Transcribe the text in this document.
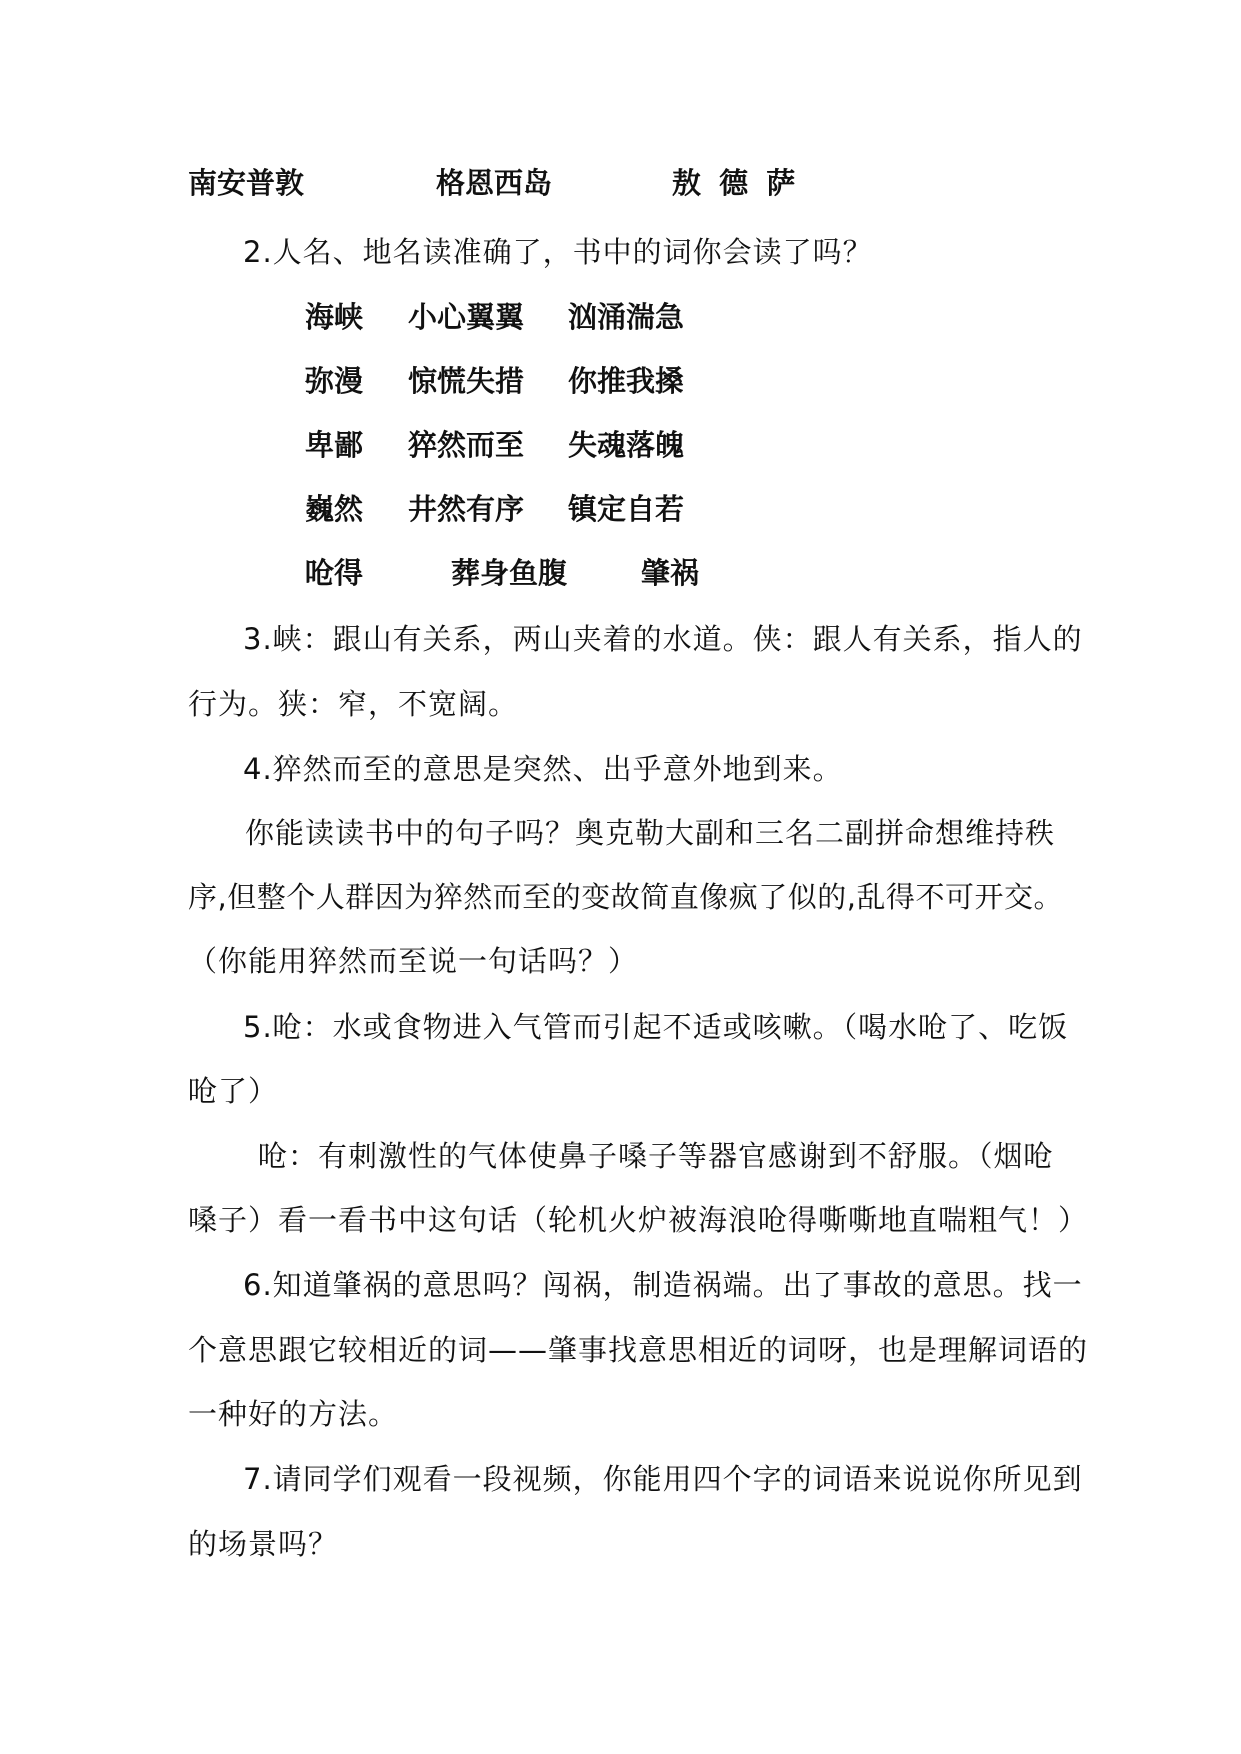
南安普敦	格恩西岛	敖 德 萨
2.人名、地名读准确了，书中的词你会读了吗？
海峡 小心翼翼 汹涌湍急
弥漫 惊慌失措 你推我搡
卑鄙 猝然而至 失魂落魄
巍然 井然有序 镇定自若
呛得	葬身鱼腹	肇祸
3.峡：跟山有关系，两山夹着的水道。侠：跟人有关系，指人的
行为。狭：窄，不宽阔。
4.猝然而至的意思是突然、出乎意外地到来。
你能读读书中的句子吗？奥克勒大副和三名二副拼命想维持秩
序,但整个人群因为猝然而至的变故简直像疯了似的,乱得不可开交。
（你能用猝然而至说一句话吗？）
5.呛：水或食物进入气管而引起不适或咳嗽。（喝水呛了、吃饭
呛了）
呛：有刺激性的气体使鼻子嗓子等器官感谢到不舒服。（烟呛
嗓子）看一看书中这句话（轮机火炉被海浪呛得嘶嘶地直喘粗气！）
6.知道肇祸的意思吗？闯祸，制造祸端。出了事故的意思。找一
个意思跟它较相近的词——肇事找意思相近的词呀，也是理解词语的
一种好的方法。
7.请同学们观看一段视频，你能用四个字的词语来说说你所见到
的场景吗？
